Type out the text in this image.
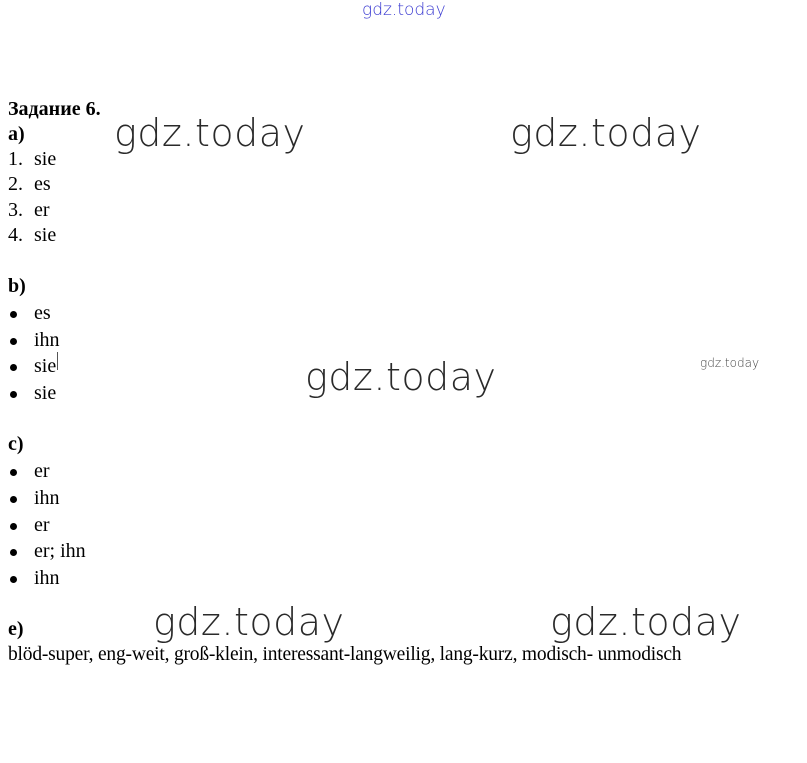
gdz.today
gdz.today	gdz.today
gdz.today	gdz.today
gdz.today	gdz.today
Задание 6.
a)
1. sie
2. es
3. er
4. sie
b)
es
ihn
sie
sie
c)
er
ihn
er
er; ihn
ihn
e)
blöd-super, eng-weit, groß-klein, interessant-langweilig, lang-kurz, modisch- unmodisch
